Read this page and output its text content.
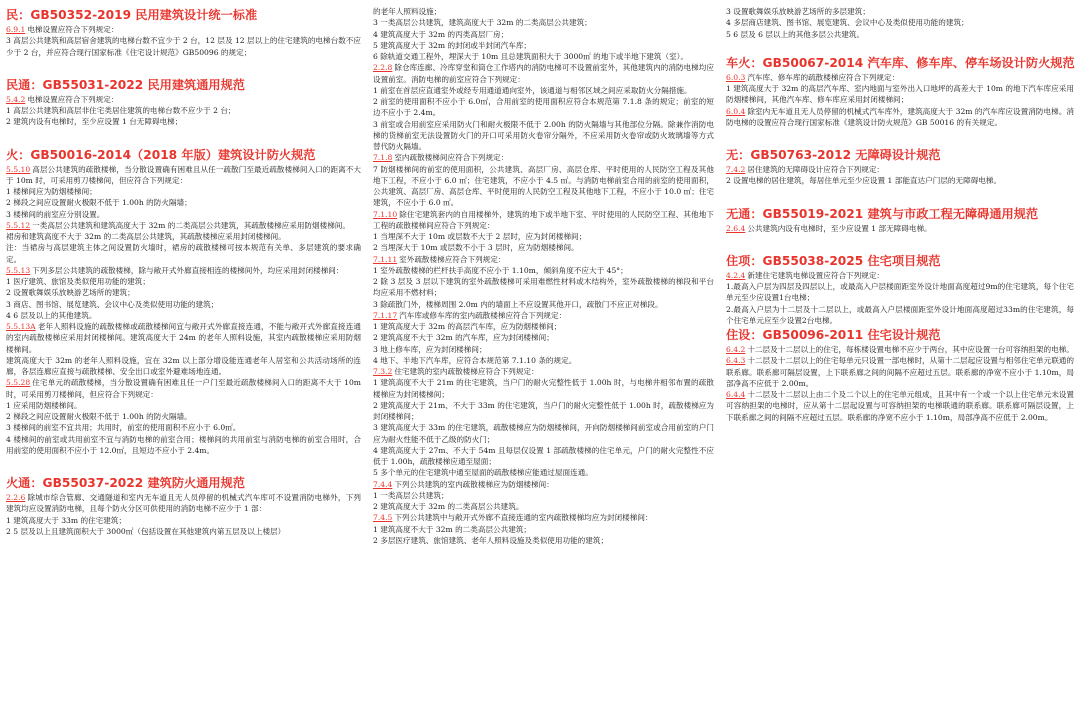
民：GB50352-2019 民用建筑设计统一标准

6.9.1 电梯设置应符合下列规定：

3 高层公共建筑和高层宿舍建筑的电梯台数不宜少于 2 台，12 层及 12 层以上的住宅建筑的电梯台数不应少于 2 台，并应符合现行国家标准《住宅设计规范》GB50096 的规定；

民通：GB55031-2022 民用建筑通用规范

5.4.2 电梯设置应符合下列规定：

1 高层公共建筑和高层非住宅类居住建筑的电梯台数不应少于 2 台；

2 建筑内设有电梯时，至少应设置 1 台无障碍电梯；

火：GB50016-2014（2018 年版）建筑设计防火规范

5.5.10 高层公共建筑的疏散楼梯，当分散设置确有困难且从任一疏散门至最近疏散楼梯间入口的距离不大于 10m 时，可采用剪刀楼梯间，但应符合下列规定：

1 楼梯间应为防烟楼梯间；

2 梯段之间应设置耐火极限不低于 1.00h 的防火隔墙；

3 楼梯间的前室应分别设置。

5.5.12 一类高层公共建筑和建筑高度大于 32m 的二类高层公共建筑，其疏散楼梯应采用防烟楼梯间。

裙房和建筑高度不大于 32m 的二类高层公共建筑，其疏散楼梯应采用封闭楼梯间。

注：当裙房与高层建筑主体之间设置防火墙时，裙房的疏散楼梯可按本规范有关单、多层建筑的要求确定。

5.5.13 下列多层公共建筑的疏散楼梯，除与敞开式外廊直接相连的楼梯间外，均应采用封闭楼梯间：

1 医疗建筑、旅馆及类似使用功能的建筑；

2 设置歌舞娱乐放映游艺场所的建筑；

3 商店、图书馆、展览建筑、会议中心及类似使用功能的建筑；

4 6 层及以上的其他建筑。

5.5.13A 老年人照料设施的疏散楼梯或疏散楼梯间宜与敞开式外廊直接连通，不能与敞开式外廊直接连通的室内疏散楼梯应采用封闭楼梯间。建筑高度大于 24m 的老年人照料设施，其室内疏散楼梯应采用防烟楼梯间。

建筑高度大于 32m 的老年人照料设施，宜在 32m 以上部分增设能连通老年人居室和公共活动场所的连廊，各层连廊应直接与疏散楼梯、安全出口或室外避难场地连通。

5.5.28 住宅单元的疏散楼梯，当分散设置确有困难且任一户门至最近疏散楼梯间入口的距离不大于 10m 时，可采用剪刀楼梯间，但应符合下列规定：

1 应采用防烟楼梯间。

2 梯段之间应设置耐火极限不低于 1.00h 的防火隔墙。

3 楼梯间的前室不宜共用；共用时，前室的使用面积不应小于 6.0㎡。

4 楼梯间的前室或共用前室不宜与消防电梯的前室合用；楼梯间的共用前室与消防电梯的前室合用时，合用前室的使用面积不应小于 12.0㎡，且短边不应小于 2.4m。

火通：GB55037-2022 建筑防火通用规范

2.2.6 除城市综合管廊、交通隧道和室内无车道且无人员停留的机械式汽车库可不设置消防电梯外，下列建筑均应设置消防电梯，且每个防火分区可供使用的消防电梯不应少于 1 部：

1 建筑高度大于 33m 的住宅建筑；

2 5 层及以上且建筑面积大于 3000㎡（包括设置在其他建筑内第五层及以上楼层）

的老年人照料设施；

3 一类高层公共建筑，建筑高度大于 32m 的二类高层公共建筑；

4 建筑高度大于 32m 的丙类高层厂房；

5 建筑高度大于 32m 的封闭或半封闭汽车库；

6 除轨道交通工程外，埋深大于 10m 且总建筑面积大于 3000㎡ 的地下或半地下建筑（室）。

2.2.8 除仓库连廊、冷库穿堂和筒仓工作塔内的消防电梯可不设置前室外，其他建筑内的消防电梯均应设置前室。消防电梯的前室应符合下列规定：

1 前室在首层应直通室外或经专用通道通向室外，该通道与相邻区域之间应采取防火分隔措施。

2 前室的使用面积不应小于 6.0㎡，合用前室的使用面积应符合本规范第 7.1.8 条的规定；前室的短边不应小于 2.4m。

3 前室或合用前室应采用防火门和耐火极限不低于 2.00h 的防火隔墙与其他部位分隔。除兼作消防电梯的货梯前室无法设置防火门的开口可采用防火卷帘分隔外，不应采用防火卷帘或防火玻璃墙等方式替代防火隔墙。

7.1.8 室内疏散楼梯间应符合下列规定：

7 防烟楼梯间的前室的使用面积，公共建筑、高层厂房、高层仓库、平时使用的人民防空工程及其他地下工程，不应小于 6.0 ㎡；住宅建筑，不应小于 4.5 ㎡。与消防电梯前室合用的前室的使用面积，公共建筑、高层厂房、高层仓库、平时使用的人民防空工程及其他地下工程，不应小于 10.0 ㎡；住宅建筑，不应小于 6.0 ㎡。

7.1.10 除住宅建筑套内的自用楼梯外，建筑的地下或半地下室、平时使用的人民防空工程、其他地下工程的疏散楼梯间应符合下列规定：

1 当埋深不大于 10m 或层数不大于 2 层时，应为封闭楼梯间；

2 当埋深大于 10m 或层数不小于 3 层时，应为防烟楼梯间。

7.1.11 室外疏散楼梯应符合下列规定：

1 室外疏散楼梯的栏杆扶手高度不应小于 1.10m，倾斜角度不应大于 45°；

2 除 3 层及 3 层以下建筑的室外疏散楼梯可采用难燃性材料或木结构外，室外疏散楼梯的梯段和平台均应采用不燃材料；

3 除疏散门外，楼梯周围 2.0m 内的墙面上不应设置其他开口，疏散门不应正对梯段。

7.1.17 汽车库或修车库的室内疏散楼梯应符合下列规定：

1 建筑高度大于 32m 的高层汽车库，应为防烟楼梯间；

2 建筑高度不大于 32m 的汽车库，应为封闭楼梯间；

3 地上修车库，应为封闭楼梯间；

4 地下、半地下汽车库，应符合本规范第 7.1.10 条的规定。

7.3.2 住宅建筑的室内疏散楼梯应符合下列规定：

1 建筑高度不大于 21m 的住宅建筑，当户门的耐火完整性低于 1.00h 时，与电梯井相邻布置的疏散楼梯应为封闭楼梯间；

2 建筑高度大于 21m、不大于 33m 的住宅建筑，当户门的耐火完整性低于 1.00h 时，疏散楼梯应为封闭楼梯间；

3 建筑高度大于 33m 的住宅建筑，疏散楼梯应为防烟楼梯间，开向防烟楼梯间前室或合用前室的户门应为耐火性能不低于乙级的防火门；

4 建筑高度大于 27m、不大于 54m 且每层仅设置 1 部疏散楼梯的住宅单元，户门的耐火完整性不应低于 1.00h，疏散楼梯应通至屋面；

5 多个单元的住宅建筑中通至屋面的疏散楼梯应能通过屋面连通。

7.4.4 下列公共建筑的室内疏散楼梯应为防烟楼梯间：

1 一类高层公共建筑；

2 建筑高度大于 32m 的二类高层公共建筑。

7.4.5 下列公共建筑中与敞开式外廊不直接连通的室内疏散楼梯均应为封闭楼梯间：

1 建筑高度不大于 32m 的二类高层公共建筑；

2 多层医疗建筑、旅馆建筑、老年人照料设施及类似使用功能的建筑；

3 设置歌舞娱乐放映游艺场所的多层建筑；

4 多层商店建筑、图书馆、展览建筑、会议中心及类似使用功能的建筑；

5 6 层及 6 层以上的其他多层公共建筑。

车火：GB50067-2014 汽车库、修车库、停车场设计防火规范

6.0.3 汽车库、修车库的疏散楼梯应符合下列规定：

1 建筑高度大于 32m 的高层汽车库、室内地面与室外出入口地坪的高差大于 10m 的地下汽车库应采用防烟楼梯间，其他汽车库、修车库应采用封闭楼梯间；

6.0.4 除室内无车道且无人员停留的机械式汽车库外，建筑高度大于 32m 的汽车库应设置消防电梯。消防电梯的设置应符合现行国家标准《建筑设计防火规范》GB 50016 的有关规定。

无：GB50763-2012 无障碍设计规范

7.4.2 居住建筑的无障碍设计应符合下列规定：

2 设置电梯的居住建筑，每居住单元至少应设置 1 部能直达户门层的无障碍电梯。

无通：GB55019-2021 建筑与市政工程无障碍通用规范

2.6.4 公共建筑内设有电梯时，至少应设置 1 部无障碍电梯。

住项：GB55038-2025 住宅项目规范

4.2.4 新建住宅建筑电梯设置应符合下列规定：

1.最高入户层为四层及四层以上，或最高入户层楼面距室外设计地面高度超过9m的住宅建筑，每个住宅单元至少应设置1台电梯；

2.最高入户层为十二层及十二层以上，或最高入户层楼面距室外设计地面高度超过33m的住宅建筑，每个住宅单元应至少设置2台电梯。

住设：GB50096-2011 住宅设计规范

6.4.2 十二层及十二层以上的住宅，每栋楼设置电梯不应少于两台，其中应设置一台可容纳担架的电梯。

6.4.3 十二层及十二层以上的住宅每单元只设置一部电梯时，从第十二层起应设置与相邻住宅单元联通的联系廊。联系廊可隔层设置，上下联系廊之间的间隔不应超过五层。联系廊的净宽不应小于 1.10m，局部净高不应低于 2.00m。

6.4.4 十二层及十二层以上由二个及二个以上的住宅单元组成，且其中有一个或一个以上住宅单元未设置可容纳担架的电梯时，应从第十二层起设置与可容纳担架的电梯联通的联系廊。联系廊可隔层设置，上下联系廊之间的间隔不应超过五层。联系廊的净宽不应小于 1.10m，局部净高不应低于 2.00m。
